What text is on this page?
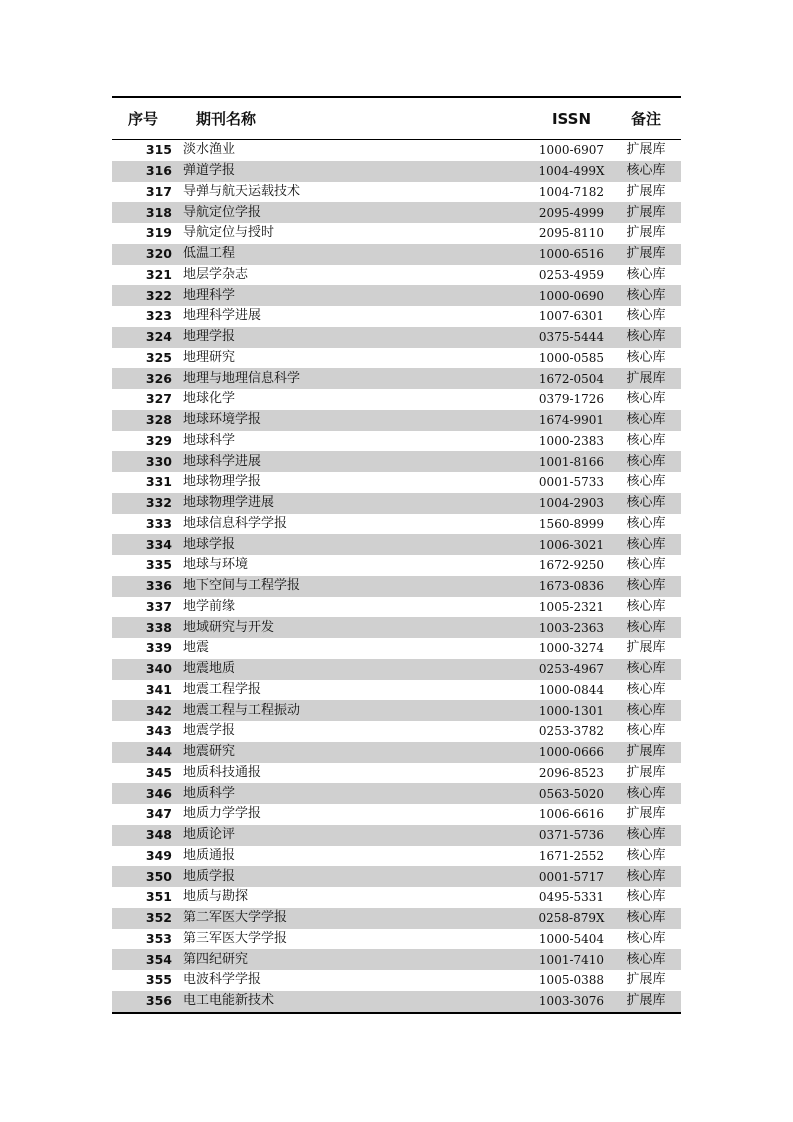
序号	期刊名称	ISSN	备注
315	淡水渔业	1000-6907	扩展库
316	弹道学报	1004-499X	核心库
317	导弹与航天运载技术	1004-7182	扩展库
318	导航定位学报	2095-4999	扩展库
319	导航定位与授时	2095-8110	扩展库
320	低温工程	1000-6516	扩展库
321	地层学杂志	0253-4959	核心库
322	地理科学	1000-0690	核心库
323	地理科学进展	1007-6301	核心库
324	地理学报	0375-5444	核心库
325	地理研究	1000-0585	核心库
326	地理与地理信息科学	1672-0504	扩展库
327	地球化学	0379-1726	核心库
328	地球环境学报	1674-9901	核心库
329	地球科学	1000-2383	核心库
330	地球科学进展	1001-8166	核心库
331	地球物理学报	0001-5733	核心库
332	地球物理学进展	1004-2903	核心库
333	地球信息科学学报	1560-8999	核心库
334	地球学报	1006-3021	核心库
335	地球与环境	1672-9250	核心库
336	地下空间与工程学报	1673-0836	核心库
337	地学前缘	1005-2321	核心库
338	地域研究与开发	1003-2363	核心库
339	地震	1000-3274	扩展库
340	地震地质	0253-4967	核心库
341	地震工程学报	1000-0844	核心库
342	地震工程与工程振动	1000-1301	核心库
343	地震学报	0253-3782	核心库
344	地震研究	1000-0666	扩展库
345	地质科技通报	2096-8523	扩展库
346	地质科学	0563-5020	核心库
347	地质力学学报	1006-6616	扩展库
348	地质论评	0371-5736	核心库
349	地质通报	1671-2552	核心库
350	地质学报	0001-5717	核心库
351	地质与勘探	0495-5331	核心库
352	第二军医大学学报	0258-879X	核心库
353	第三军医大学学报	1000-5404	核心库
354	第四纪研究	1001-7410	核心库
355	电波科学学报	1005-0388	扩展库
356	电工电能新技术	1003-3076	扩展库
